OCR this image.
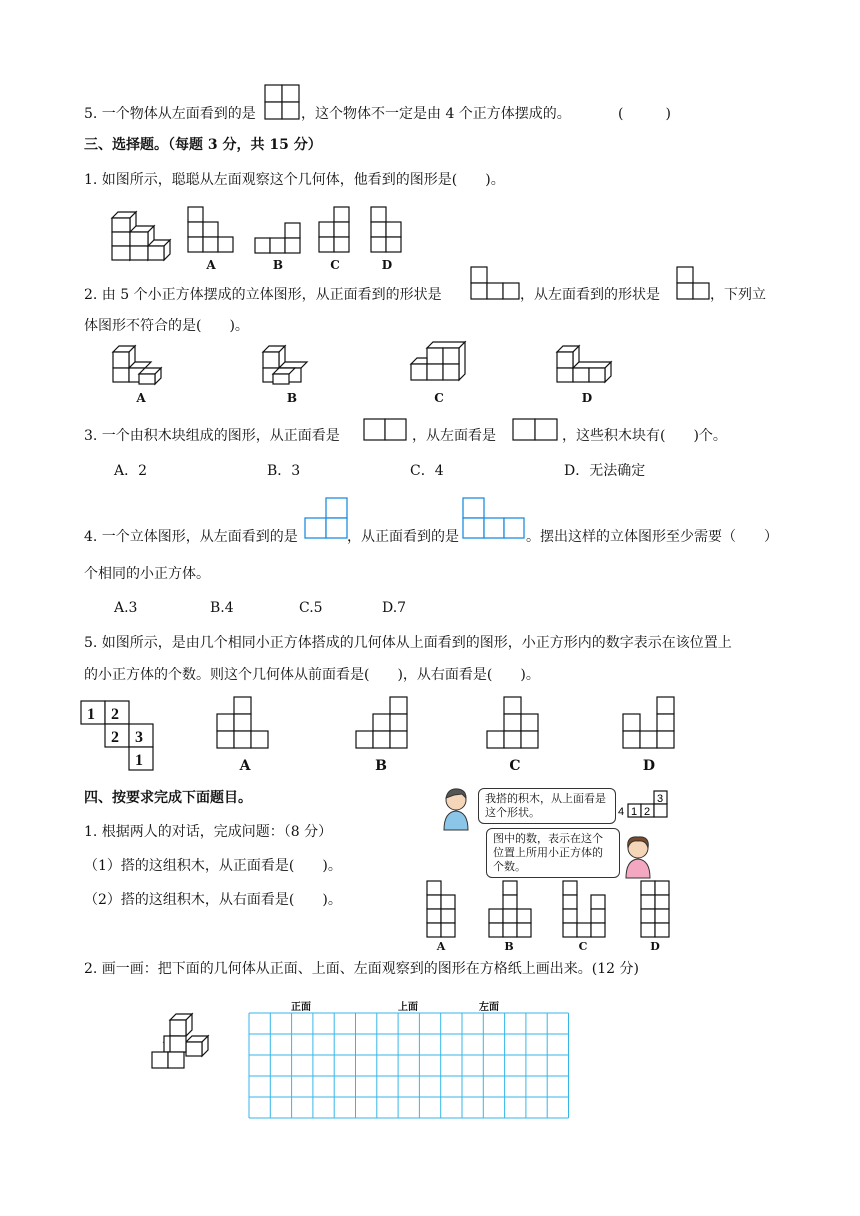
5. 一个物体从左面看到的是	，这个物体不一定是由 4 个正方体摆成的。	(　　　)
三、选择题。（每题 3 分，共 15 分）
1. 如图所示，聪聪从左面观察这个几何体，他看到的图形是(　　)。
A	B	C	D
2. 由 5 个小正方体摆成的立体图形，从正面看到的形状是	，从左面看到的形状是	，下列立
体图形不符合的是(　　)。
A	B	C	D
3. 一个由积木块组成的图形，从正面看是	，从左面看是	，这些积木块有(　　)个。
A．2	B．3	C．4	D．无法确定
4. 一个立体图形，从左面看到的是	，从正面看到的是	。摆出这样的立体图形至少需要（　　）
个相同的小正方体。
A.3	B.4	C.5	D.7
5. 如图所示，是由几个相同小正方体搭成的几何体从上面看到的图形，小正方形内的数字表示在该位置上
的小正方体的个数。则这个几何体从前面看是(　　)，从右面看是(　　)。
1 2
2 3
1	A	B	C	D
四、按要求完成下面题目。
1. 根据两人的对话，完成问题：（8 分）
（1）搭的这组积木，从正面看是(　　)。
（2）搭的这组积木，从右面看是(　　)。
我搭的积木，从上面看是这个形状。
3
4 1 2
图中的数，表示在这个位置上所用小正方体的个数。
A	B	C	D
2. 画一画：把下面的几何体从正面、上面、左面观察到的图形在方格纸上画出来。(12 分)
正面	上面	左面
